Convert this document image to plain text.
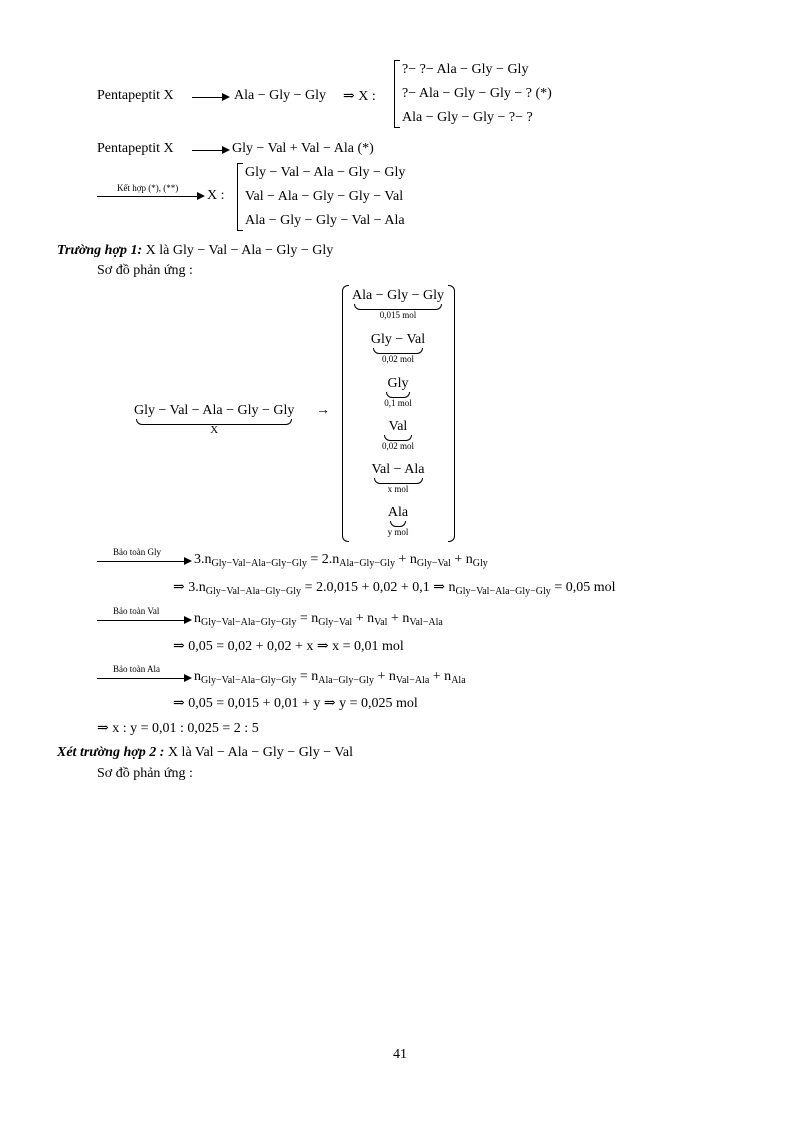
Pentapeptit X	Ala − Gly − Gly ⇒ X :
?− ?− Ala − Gly − Gly
?− Ala − Gly − Gly − ? (*)
Ala − Gly − Gly − ?− ?
Pentapeptit X	Gly − Val + Val − Ala (*)
Kết hợp (*), (**) X :
Gly − Val − Ala − Gly − Gly
Val − Ala − Gly − Gly − Val
Ala − Gly − Gly − Val − Ala
Trường hợp 1: X là Gly − Val − Ala − Gly − Gly
Sơ đồ phản ứng :
Gly − Val − Ala − Gly − Gly
X
→
Ala − Gly − Gly
0,015 mol
Gly − Val
0,02 mol
Gly
0,1 mol
Val
0,02 mol
Val − Ala
x mol
Ala
y mol
Bảo toàn Gly $3.n_{Gly-Val-Ala-Gly-Gly} = 2.n_{Ala-Gly-Gly} + n_{Gly-Val} + n_{Gly}$
⇒ $3.n_{Gly-Val-Ala-Gly-Gly} = 2.0,015 + 0,02 + 0,1$ ⇒ $n_{Gly-Val-Ala-Gly-Gly} = 0,05$ mol
Bảo toàn Val $n_{Gly-Val-Ala-Gly-Gly} = n_{Gly-Val} + n_{Val} + n_{Val-Ala}$
⇒ 0,05 = 0,02 + 0,02 + x ⇒ x = 0,01 mol
Bảo toàn Ala $n_{Gly-Val-Ala-Gly-Gly} = n_{Ala-Gly-Gly} + n_{Val-Ala} + n_{Ala}$
⇒ 0,05 = 0,015 + 0,01 + y ⇒ y = 0,025 mol
⇒ x : y = 0,01 : 0,025 = 2 : 5
Xét trường hợp 2 : X là Val − Ala − Gly − Gly − Val
Sơ đồ phản ứng :
41
